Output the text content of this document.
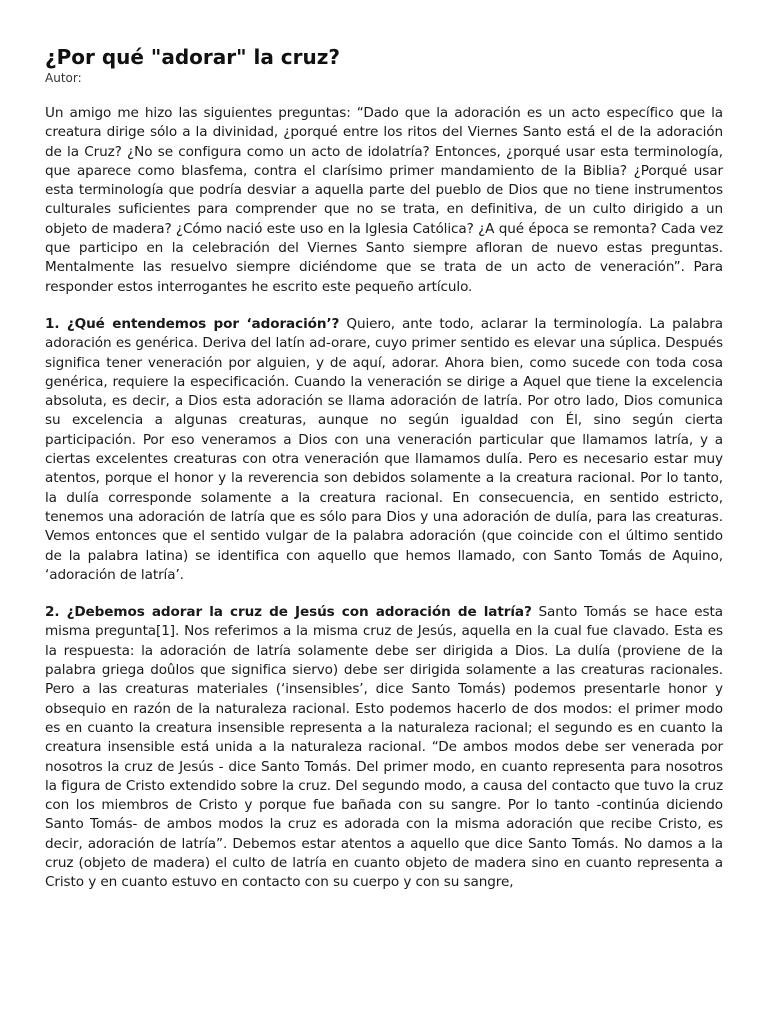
¿Por qué "adorar" la cruz?
Autor:

Un amigo me hizo las siguientes preguntas: “Dado que la adoración es un acto específico que la creatura dirige sólo a la divinidad, ¿porqué entre los ritos del Viernes Santo está el de la adoración de la Cruz? ¿No se configura como un acto de idolatría? Entonces, ¿porqué usar esta terminología, que aparece como blasfema, contra el clarísimo primer mandamiento de la Biblia? ¿Porqué usar esta terminología que podría desviar a aquella parte del pueblo de Dios que no tiene instrumentos culturales suficientes para comprender que no se trata, en definitiva, de un culto dirigido a un objeto de madera? ¿Cómo nació este uso en la Iglesia Católica? ¿A qué época se remonta? Cada vez que participo en la celebración del Viernes Santo siempre afloran de nuevo estas preguntas. Mentalmente las resuelvo siempre diciéndome que se trata de un acto de veneración”. Para responder estos interrogantes he escrito este pequeño artículo.

1. ¿Qué entendemos por ‘adoración’? Quiero, ante todo, aclarar la terminología. La palabra adoración es genérica. Deriva del latín ad-orare, cuyo primer sentido es elevar una súplica. Después significa tener veneración por alguien, y de aquí, adorar. Ahora bien, como sucede con toda cosa genérica, requiere la especificación. Cuando la veneración se dirige a Aquel que tiene la excelencia absoluta, es decir, a Dios esta adoración se llama adoración de latría. Por otro lado, Dios comunica su excelencia a algunas creaturas, aunque no según igualdad con Él, sino según cierta participación. Por eso veneramos a Dios con una veneración particular que llamamos latría, y a ciertas excelentes creaturas con otra veneración que llamamos dulía. Pero es necesario estar muy atentos, porque el honor y la reverencia son debidos solamente a la creatura racional. Por lo tanto, la dulía corresponde solamente a la creatura racional. En consecuencia, en sentido estricto, tenemos una adoración de latría que es sólo para Dios y una adoración de dulía, para las creaturas. Vemos entonces que el sentido vulgar de la palabra adoración (que coincide con el último sentido de la palabra latina) se identifica con aquello que hemos llamado, con Santo Tomás de Aquino, ‘adoración de latría’.

2. ¿Debemos adorar la cruz de Jesús con adoración de latría? Santo Tomás se hace esta misma pregunta[1]. Nos referimos a la misma cruz de Jesús, aquella en la cual fue clavado. Esta es la respuesta: la adoración de latría solamente debe ser dirigida a Dios. La dulía (proviene de la palabra griega doûlos que significa siervo) debe ser dirigida solamente a las creaturas racionales. Pero a las creaturas materiales (‘insensibles’, dice Santo Tomás) podemos presentarle honor y obsequio en razón de la naturaleza racional. Esto podemos hacerlo de dos modos: el primer modo es en cuanto la creatura insensible representa a la naturaleza racional; el segundo es en cuanto la creatura insensible está unida a la naturaleza racional. “De ambos modos debe ser venerada por nosotros la cruz de Jesús - dice Santo Tomás. Del primer modo, en cuanto representa para nosotros la figura de Cristo extendido sobre la cruz. Del segundo modo, a causa del contacto que tuvo la cruz con los miembros de Cristo y porque fue bañada con su sangre. Por lo tanto -continúa diciendo Santo Tomás- de ambos modos la cruz es adorada con la misma adoración que recibe Cristo, es decir, adoración de latría”. Debemos estar atentos a aquello que dice Santo Tomás. No damos a la cruz (objeto de madera) el culto de latría en cuanto objeto de madera sino en cuanto representa a Cristo y en cuanto estuvo en contacto con su cuerpo y con su sangre,
